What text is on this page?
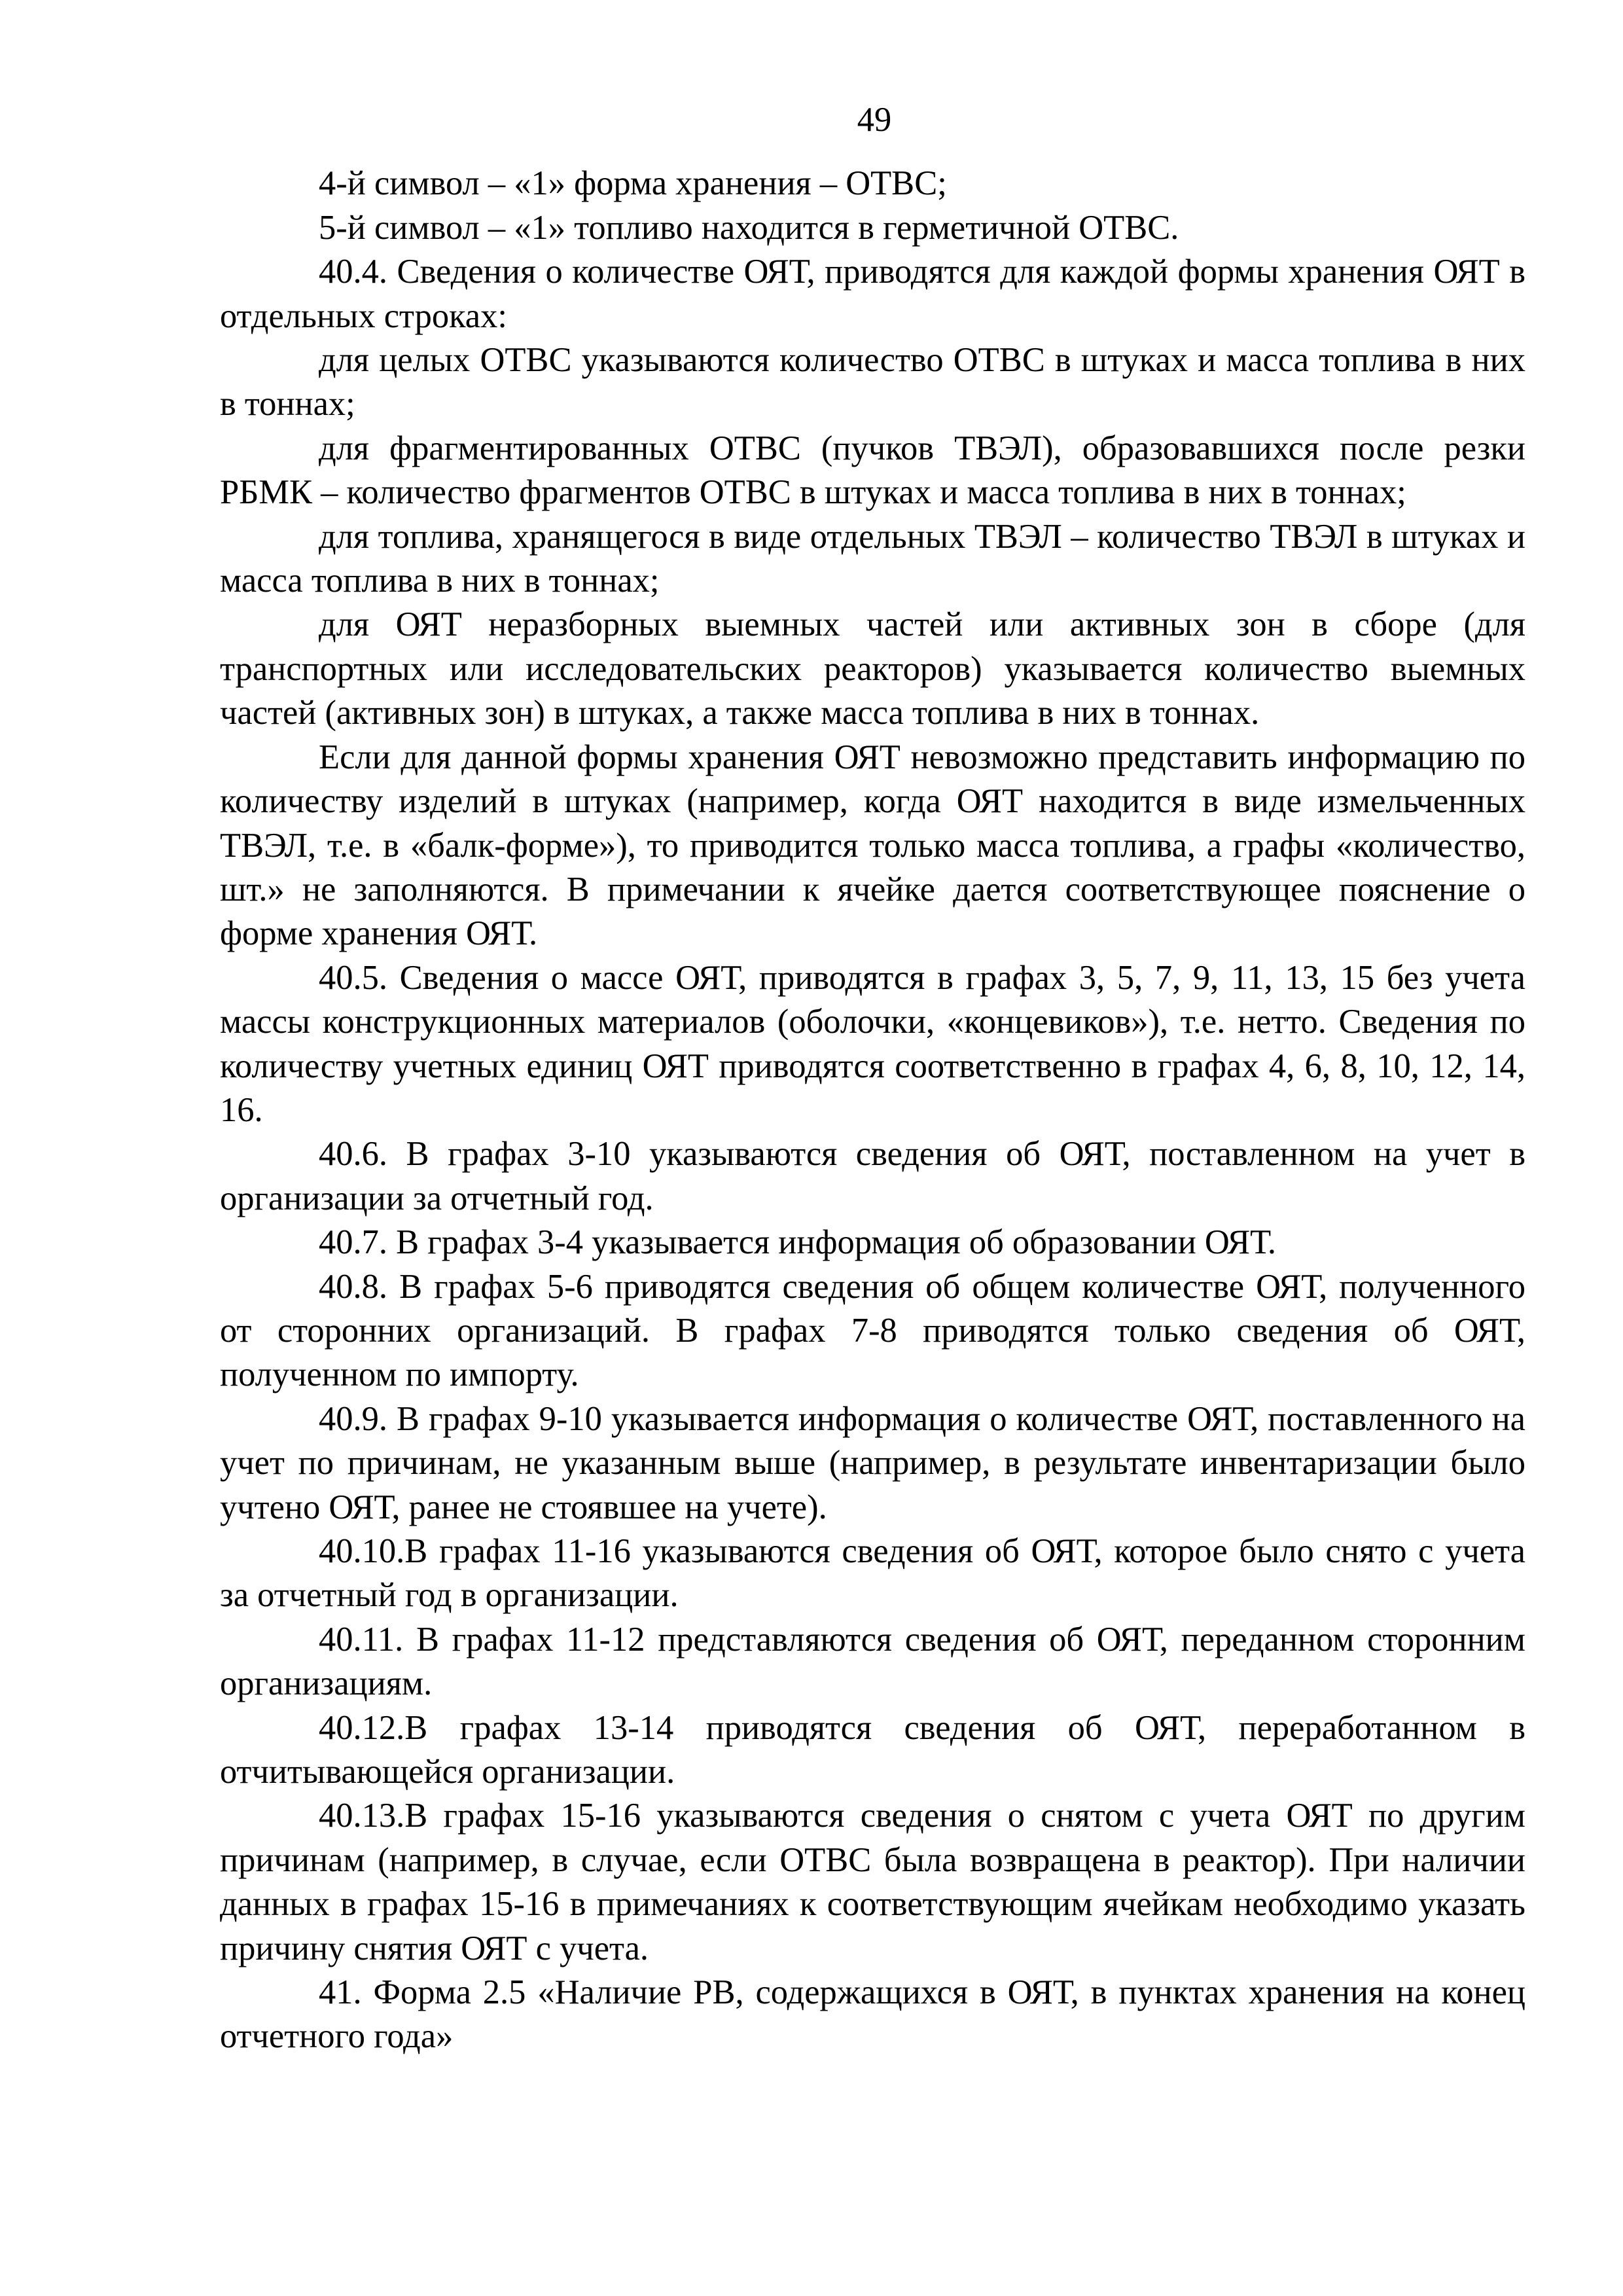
49

4-й символ – «1» форма хранения – ОТВС;

5-й символ – «1» топливо находится в герметичной ОТВС.

40.4. Сведения о количестве ОЯТ, приводятся для каждой формы хранения ОЯТ в отдельных строках:

для целых ОТВС указываются количество ОТВС в штуках и масса топлива в них в тоннах;

для фрагментированных ОТВС (пучков ТВЭЛ), образовавшихся после резки РБМК – количество фрагментов ОТВС в штуках и масса топлива в них в тоннах;

для топлива, хранящегося в виде отдельных ТВЭЛ – количество ТВЭЛ в штуках и масса топлива в них в тоннах;

для ОЯТ неразборных выемных частей или активных зон в сборе (для транспортных или исследовательских реакторов) указывается количество выемных частей (активных зон) в штуках, а также масса топлива в них в тоннах.

Если для данной формы хранения ОЯТ невозможно представить информацию по количеству изделий в штуках (например, когда ОЯТ находится в виде измельченных ТВЭЛ, т.е. в «балк-форме»), то приводится только масса топлива, а графы «количество, шт.» не заполняются. В примечании к ячейке дается соответствующее пояснение о форме хранения ОЯТ.

40.5. Сведения о массе ОЯТ, приводятся в графах 3, 5, 7, 9, 11, 13, 15 без учета массы конструкционных материалов (оболочки, «концевиков»), т.е. нетто. Сведения по количеству учетных единиц ОЯТ приводятся соответственно в графах 4, 6, 8, 10, 12, 14, 16.

40.6. В графах 3-10 указываются сведения об ОЯТ, поставленном на учет в организации за отчетный год.

40.7. В графах 3-4 указывается информация об образовании ОЯТ.

40.8. В графах 5-6 приводятся сведения об общем количестве ОЯТ, полученного от сторонних организаций. В графах 7-8 приводятся только сведения об ОЯТ, полученном по импорту.

40.9. В графах 9-10 указывается информация о количестве ОЯТ, поставленного на учет по причинам, не указанным выше (например, в результате инвентаризации было учтено ОЯТ, ранее не стоявшее на учете).

40.10.В графах 11-16 указываются сведения об ОЯТ, которое было снято с учета за отчетный год в организации.

40.11. В графах 11-12 представляются сведения об ОЯТ, переданном сторонним организациям.

40.12.В графах 13-14 приводятся сведения об ОЯТ, переработанном в отчитывающейся организации.

40.13.В графах 15-16 указываются сведения о снятом с учета ОЯТ по другим причинам (например, в случае, если ОТВС была возвращена в реактор). При наличии данных в графах 15-16 в примечаниях к соответствующим ячейкам необходимо указать причину снятия ОЯТ с учета.

41. Форма 2.5 «Наличие РВ, содержащихся в ОЯТ, в пунктах хранения на конец отчетного года»
